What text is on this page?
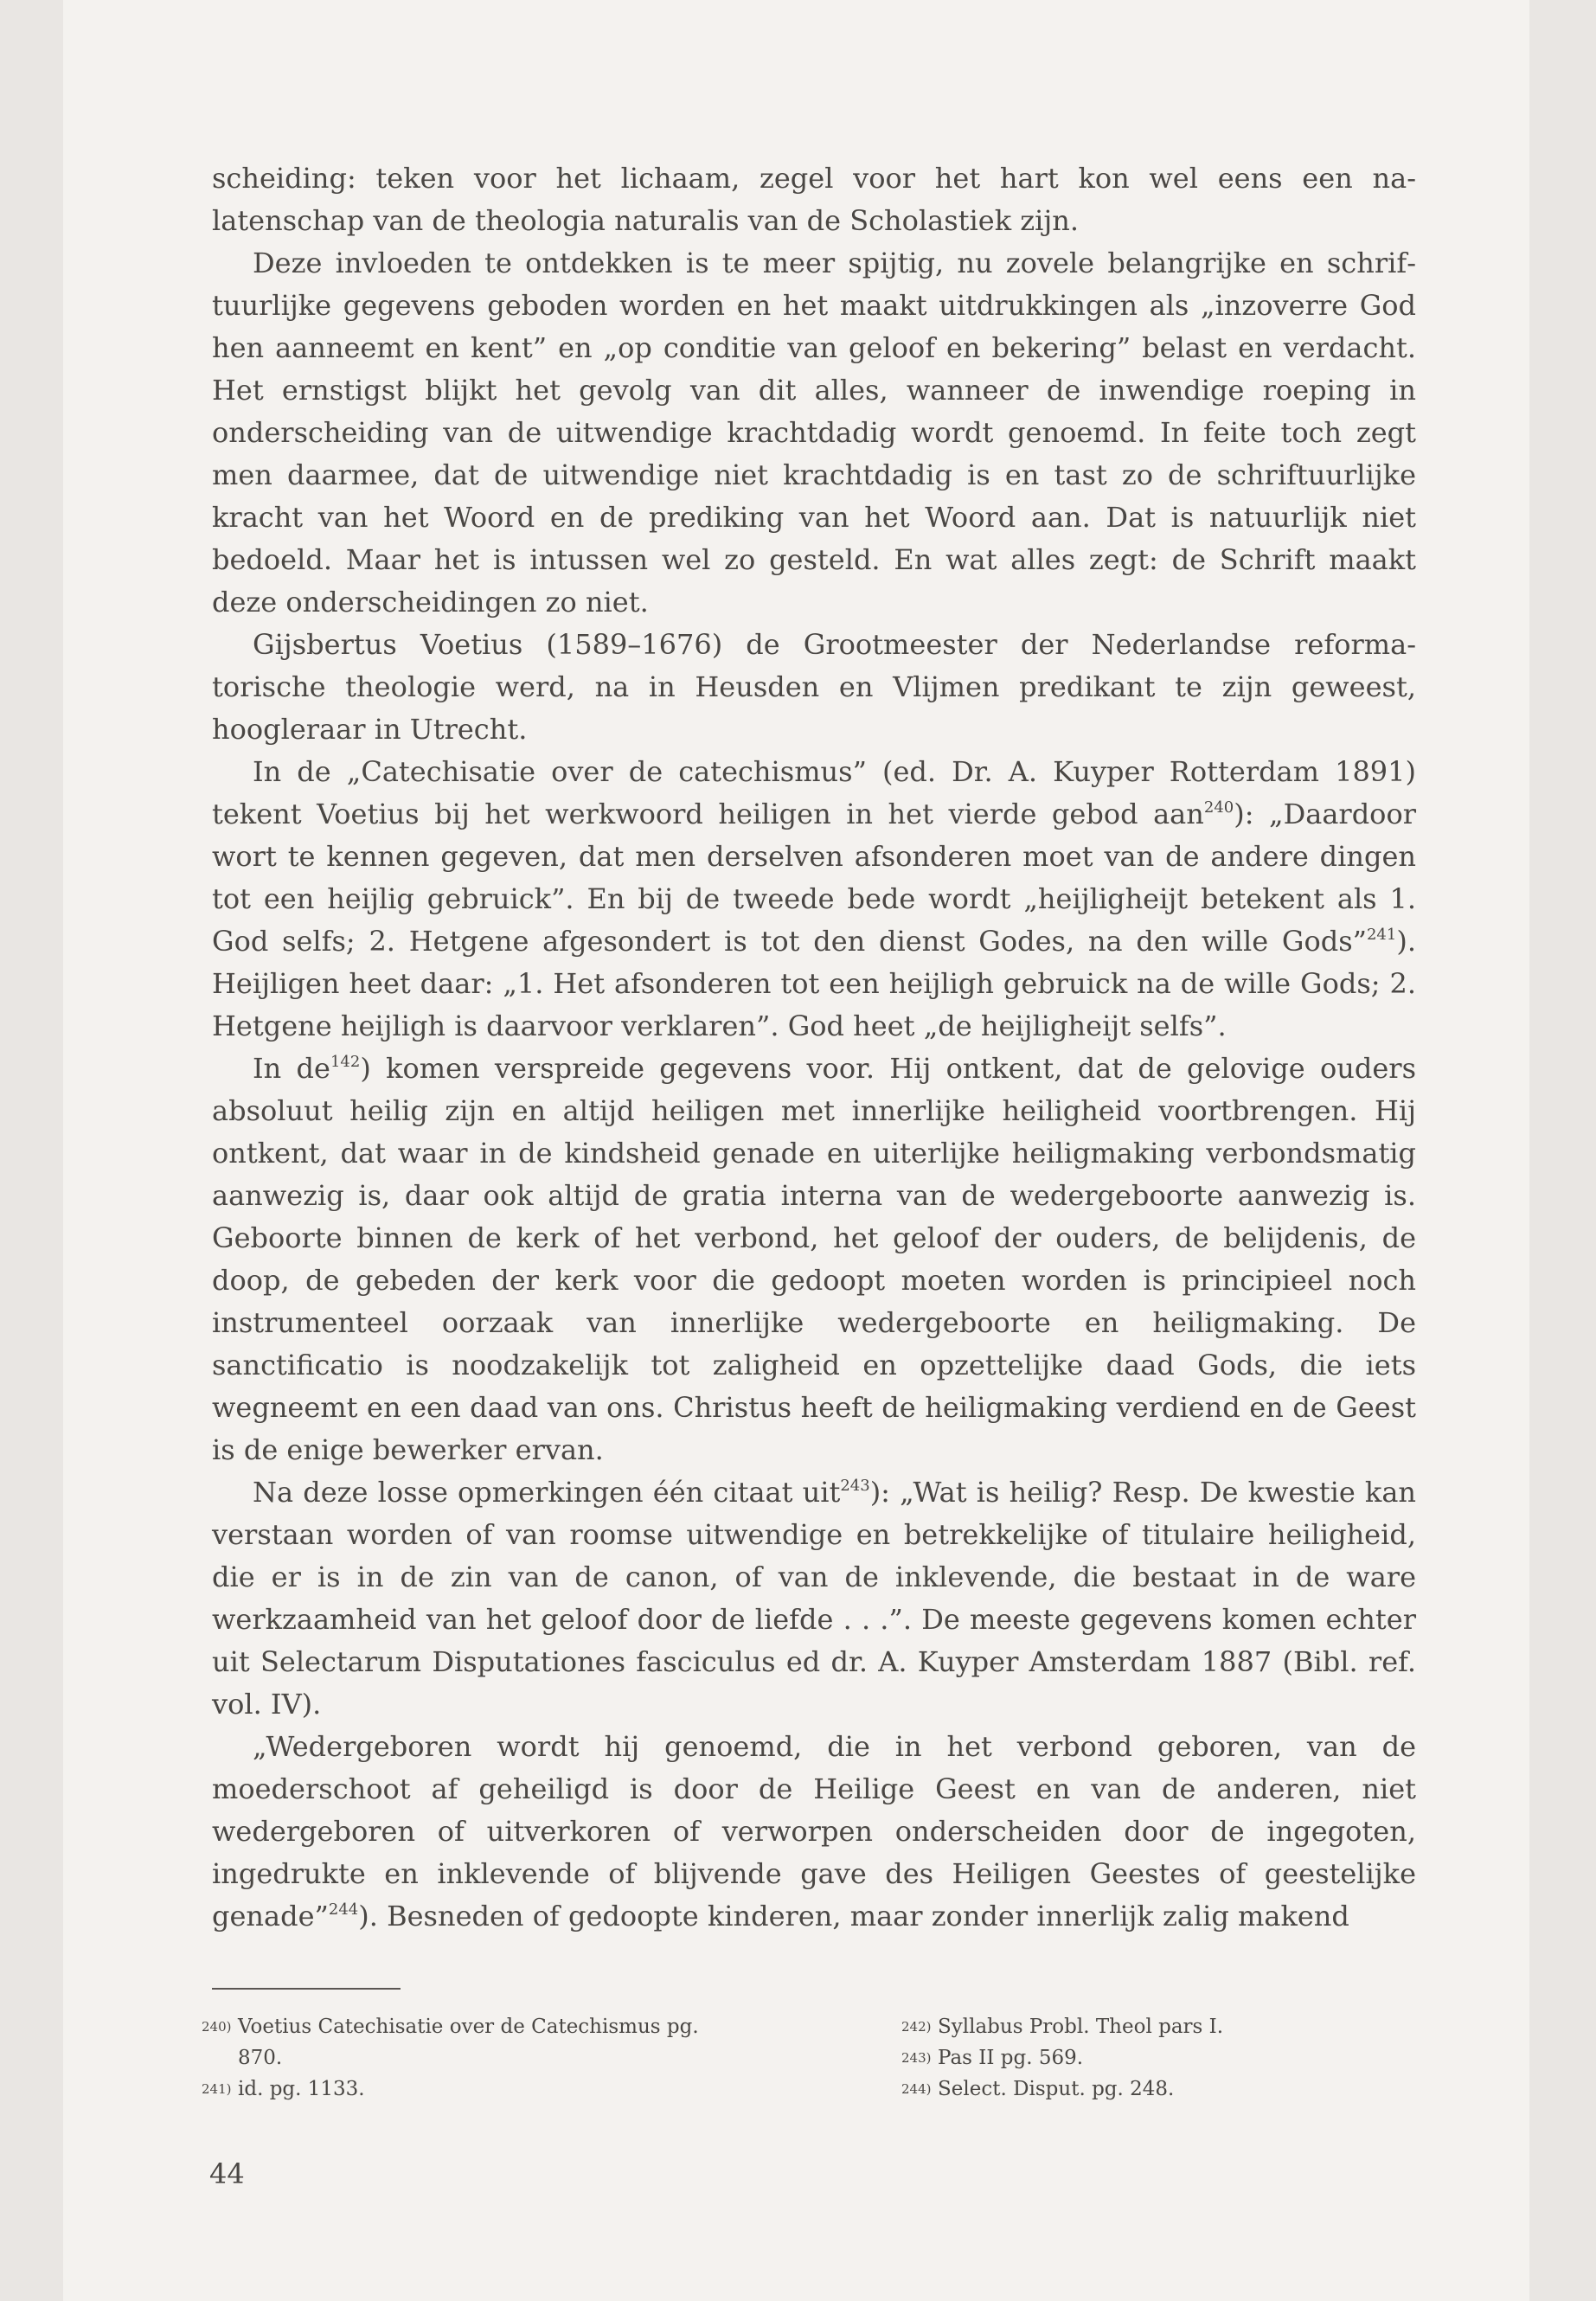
scheiding: teken voor het lichaam, zegel voor het hart kon wel eens een nalatenschap van de theologia naturalis van de Scholastiek zijn.

Deze invloeden te ontdekken is te meer spijtig, nu zovele belangrijke en schriftuurlijke gegevens geboden worden en het maakt uitdrukkingen als „inzoverre God hen aanneemt en kent” en „op conditie van geloof en bekering” belast en verdacht. Het ernstigst blijkt het gevolg van dit alles, wanneer de inwendige roeping in onderscheiding van de uitwendige krachtdadig wordt genoemd. In feite toch zegt men daarmee, dat de uitwendige niet krachtdadig is en tast zo de schriftuurlijke kracht van het Woord en de prediking van het Woord aan. Dat is natuurlijk niet bedoeld. Maar het is intussen wel zo gesteld. En wat alles zegt: de Schrift maakt deze onderscheidingen zo niet.

Gijsbertus Voetius (1589–1676) de Grootmeester der Nederlandse reformatorische theologie werd, na in Heusden en Vlijmen predikant te zijn geweest, hoogleraar in Utrecht.

In de „Catechisatie over de catechismus” (ed. Dr. A. Kuyper Rotterdam 1891) tekent Voetius bij het werkwoord heiligen in het vierde gebod aan$^{240}$): „Daardoor wort te kennen gegeven, dat men derselven afsonderen moet van de andere dingen tot een heijlig gebruick”. En bij de tweede bede wordt „heijligheijt betekent als 1. God selfs; 2. Hetgene afgesondert is tot den dienst Godes, na den wille Gods”$^{241}$). Heijligen heet daar: „1. Het afsonderen tot een heijligh gebruick na de wille Gods; 2. Hetgene heijligh is daarvoor verklaren”. God heet „de heijligheijt selfs”.

In $de^{142}$) komen verspreide gegevens voor. Hij ontkent, dat de gelovige ouders absoluut heilig zijn en altijd heiligen met innerlijke heiligheid voortbrengen. Hij ontkent, dat waar in de kindsheid genade en uiterlijke heiligmaking verbondsmatig aanwezig is, daar ook altijd de gratia interna van de wedergeboorte aanwezig is. Geboorte binnen de kerk of het verbond, het geloof der ouders, de belijdenis, de doop, de gebeden der kerk voor die gedoopt moeten worden is principieel noch instrumenteel oorzaak van innerlijke wedergeboorte en heiligmaking. De sanctificatio is noodzakelijk tot zaligheid en opzettelijke daad Gods, die iets wegneemt en een daad van ons. Christus heeft de heiligmaking verdiend en de Geest is de enige bewerker ervan.

Na deze losse opmerkingen één citaat uit$^{243}$): „Wat is heilig? Resp. De kwestie kan verstaan worden of van roomse uitwendige en betrekkelijke of titulaire heiligheid, die er is in de zin van de canon, of van de inklevende, die bestaat in de ware werkzaamheid van het geloof door de liefde . . .”. De meeste gegevens komen echter uit Selectarum Disputationes fasciculus ed dr. A. Kuyper Amsterdam 1887 (Bibl. ref. vol. IV).

„Wedergeboren wordt hij genoemd, die in het verbond geboren, van de moederschoot af geheiligd is door de Heilige Geest en van de anderen, niet wedergeboren of uitverkoren of verworpen onderscheiden door de ingegoten, ingedrukte en inklevende of blijvende gave des Heiligen Geestes of geestelijke genade”$^{244}$). Besneden of gedoopte kinderen, maar zonder innerlijk zalig makend

240) Voetius Catechisatie over de Catechismus pg. 870.
241) id. pg. 1133.
242) Syllabus Probl. Theol pars I.
243) Pas II pg. 569.
244) Select. Disput. pg. 248.
44
